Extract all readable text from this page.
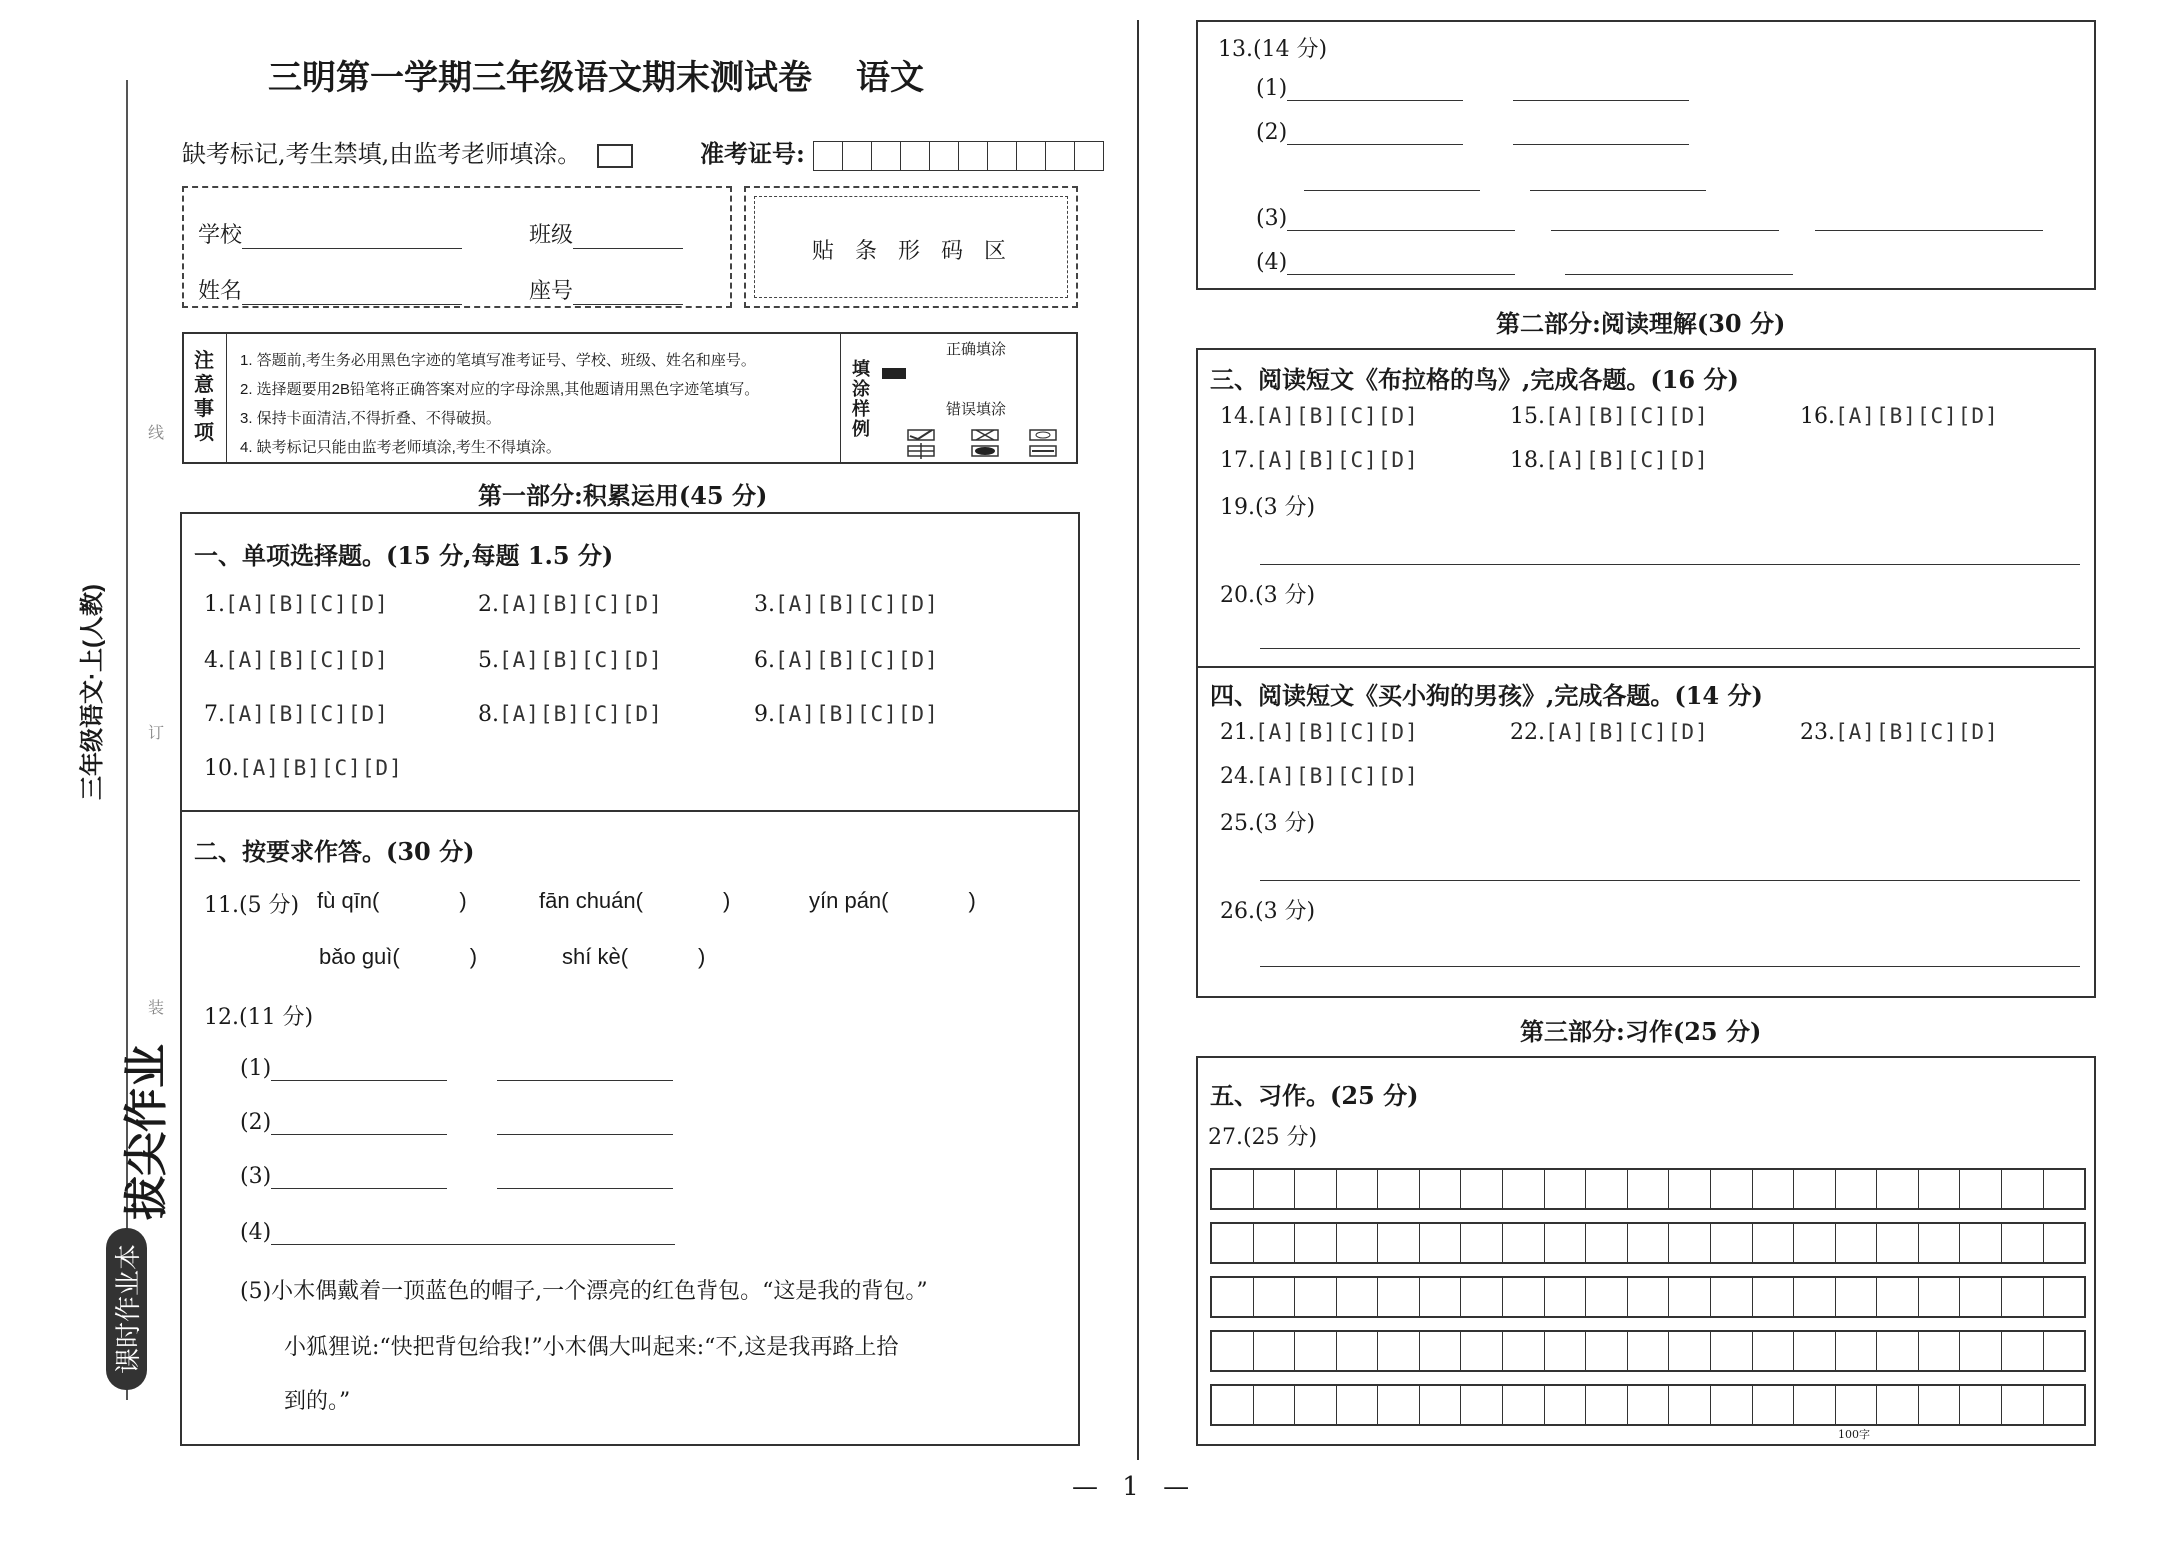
三年级语文·上(人教)
线
订
装
拔尖作业
课时作业本
三明第一学期三年级语文期末测试卷 语文
缺考标记,考生禁填,由监考老师填涂。	准考证号:
学校	班级
姓名	座号
贴 条 形 码 区
注
意
事
项
1. 答题前,考生务必用黑色字迹的笔填写准考证号、学校、班级、姓名和座号。
2. 选择题要用2B铅笔将正确答案对应的字母涂黑,其他题请用黑色字迹笔填写。
3. 保持卡面清洁,不得折叠、不得破损。
4. 缺考标记只能由监考老师填涂,考生不得填涂。
填
涂
样
例
正确填涂
错误填涂
第一部分:积累运用(45 分)
一、单项选择题。(15 分,每题 1.5 分)
1.[A][B][C][D]	2.[A][B][C][D]	3.[A][B][C][D]
4.[A][B][C][D]	5.[A][B][C][D]	6.[A][B][C][D]
7.[A][B][C][D]	8.[A][B][C][D]	9.[A][B][C][D]
10.[A][B][C][D]
二、按要求作答。(30 分)
11.(5 分) fù qīn(	)	fān chuán(	)	yín pán(	)
bǎo guì(	)	shí kè(	)
12.(11 分)
(1)
(2)
(3)
(4)
(5)小木偶戴着一顶蓝色的帽子,一个漂亮的红色背包。“这是我的背包。”
小狐狸说:“快把背包给我!”小木偶大叫起来:“不,这是我再路上拾
到的。”
13.(14 分)
(1)
(2)
(3)
(4)
第二部分:阅读理解(30 分)
三、阅读短文《布拉格的鸟》,完成各题。(16 分)
14.[A][B][C][D]	15.[A][B][C][D]	16.[A][B][C][D]
17.[A][B][C][D]	18.[A][B][C][D]
19.(3 分)
20.(3 分)
四、阅读短文《买小狗的男孩》,完成各题。(14 分)
21.[A][B][C][D]	22.[A][B][C][D]	23.[A][B][C][D]
24.[A][B][C][D]
25.(3 分)
26.(3 分)
第三部分:习作(25 分)
五、习作。(25 分)
27.(25 分)
100字
— 1 —
